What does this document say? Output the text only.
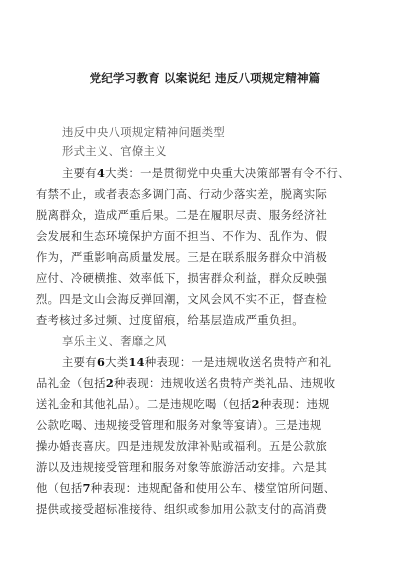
党纪学习教育 以案说纪 违反八项规定精神篇
违反中央八项规定精神问题类型
形式主义、官僚主义
主要有4大类：一是贯彻党中央重大决策部署有令不行、
有禁不止，或者表态多调门高、行动少落实差，脱离实际
脱离群众，造成严重后果。二是在履职尽责、服务经济社
会发展和生态环境保护方面不担当、不作为、乱作为、假
作为，严重影响高质量发展。三是在联系服务群众中消极
应付、冷硬横推、效率低下，损害群众利益，群众反映强
烈。四是文山会海反弹回潮，文风会风不实不正，督查检
查考核过多过频、过度留痕，给基层造成严重负担。
享乐主义、奢靡之风
主要有6大类14种表现：一是违规收送名贵特产和礼
品礼金（包括2种表现：违规收送名贵特产类礼品、违规收
送礼金和其他礼品）。二是违规吃喝（包括2种表现：违规
公款吃喝、违规接受管理和服务对象等宴请）。三是违规
操办婚丧喜庆。四是违规发放津补贴或福利。五是公款旅
游以及违规接受管理和服务对象等旅游活动安排。六是其
他（包括7种表现：违规配备和使用公车、楼堂馆所问题、
提供或接受超标准接待、组织或参加用公款支付的高消费
